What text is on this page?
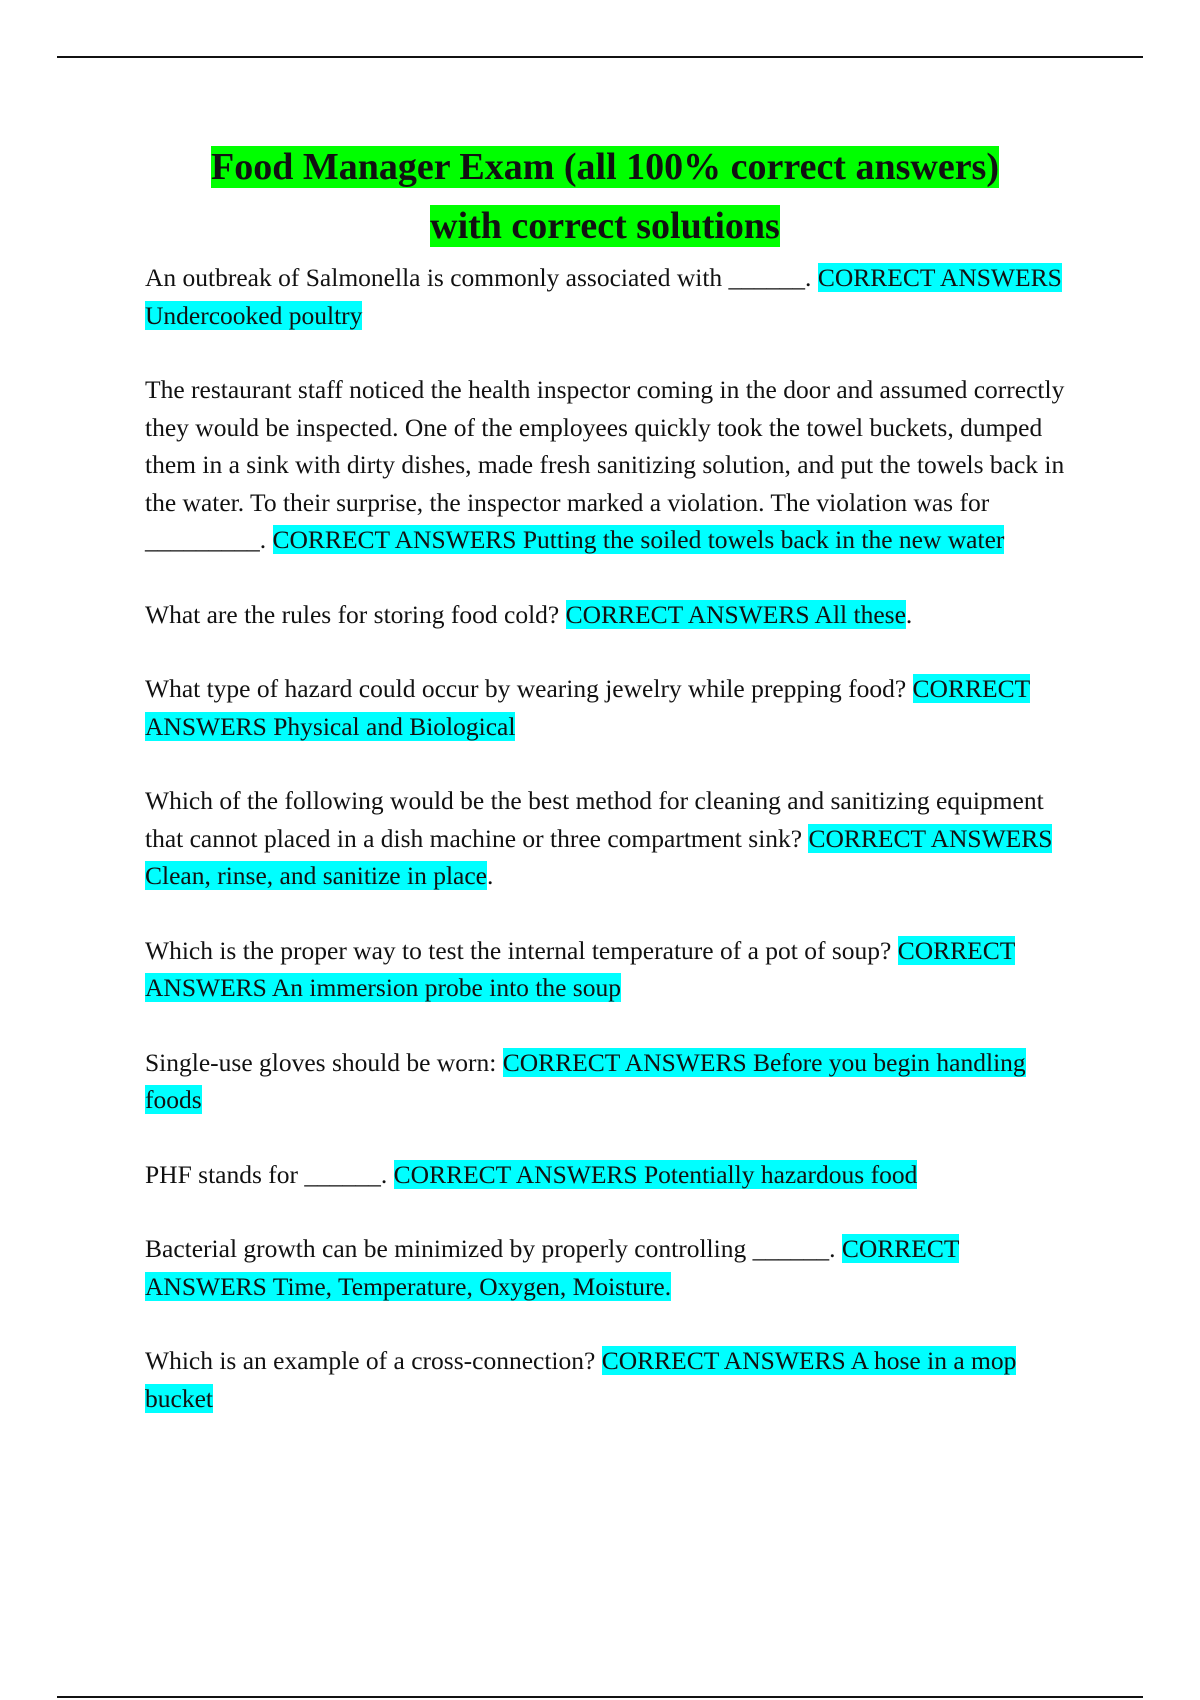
Food Manager Exam (all 100% correct answers)
with correct solutions

An outbreak of Salmonella is commonly associated with ______. CORRECT ANSWERS Undercooked poultry

The restaurant staff noticed the health inspector coming in the door and assumed correctly they would be inspected. One of the employees quickly took the towel buckets, dumped them in a sink with dirty dishes, made fresh sanitizing solution, and put the towels back in the water. To their surprise, the inspector marked a violation. The violation was for _________. CORRECT ANSWERS Putting the soiled towels back in the new water

What are the rules for storing food cold? CORRECT ANSWERS All these.

What type of hazard could occur by wearing jewelry while prepping food? CORRECT ANSWERS Physical and Biological

Which of the following would be the best method for cleaning and sanitizing equipment that cannot placed in a dish machine or three compartment sink? CORRECT ANSWERS Clean, rinse, and sanitize in place.

Which is the proper way to test the internal temperature of a pot of soup? CORRECT ANSWERS An immersion probe into the soup

Single-use gloves should be worn: CORRECT ANSWERS Before you begin handling foods

PHF stands for ______. CORRECT ANSWERS Potentially hazardous food

Bacterial growth can be minimized by properly controlling ______. CORRECT ANSWERS Time, Temperature, Oxygen, Moisture.

Which is an example of a cross-connection? CORRECT ANSWERS A hose in a mop bucket
